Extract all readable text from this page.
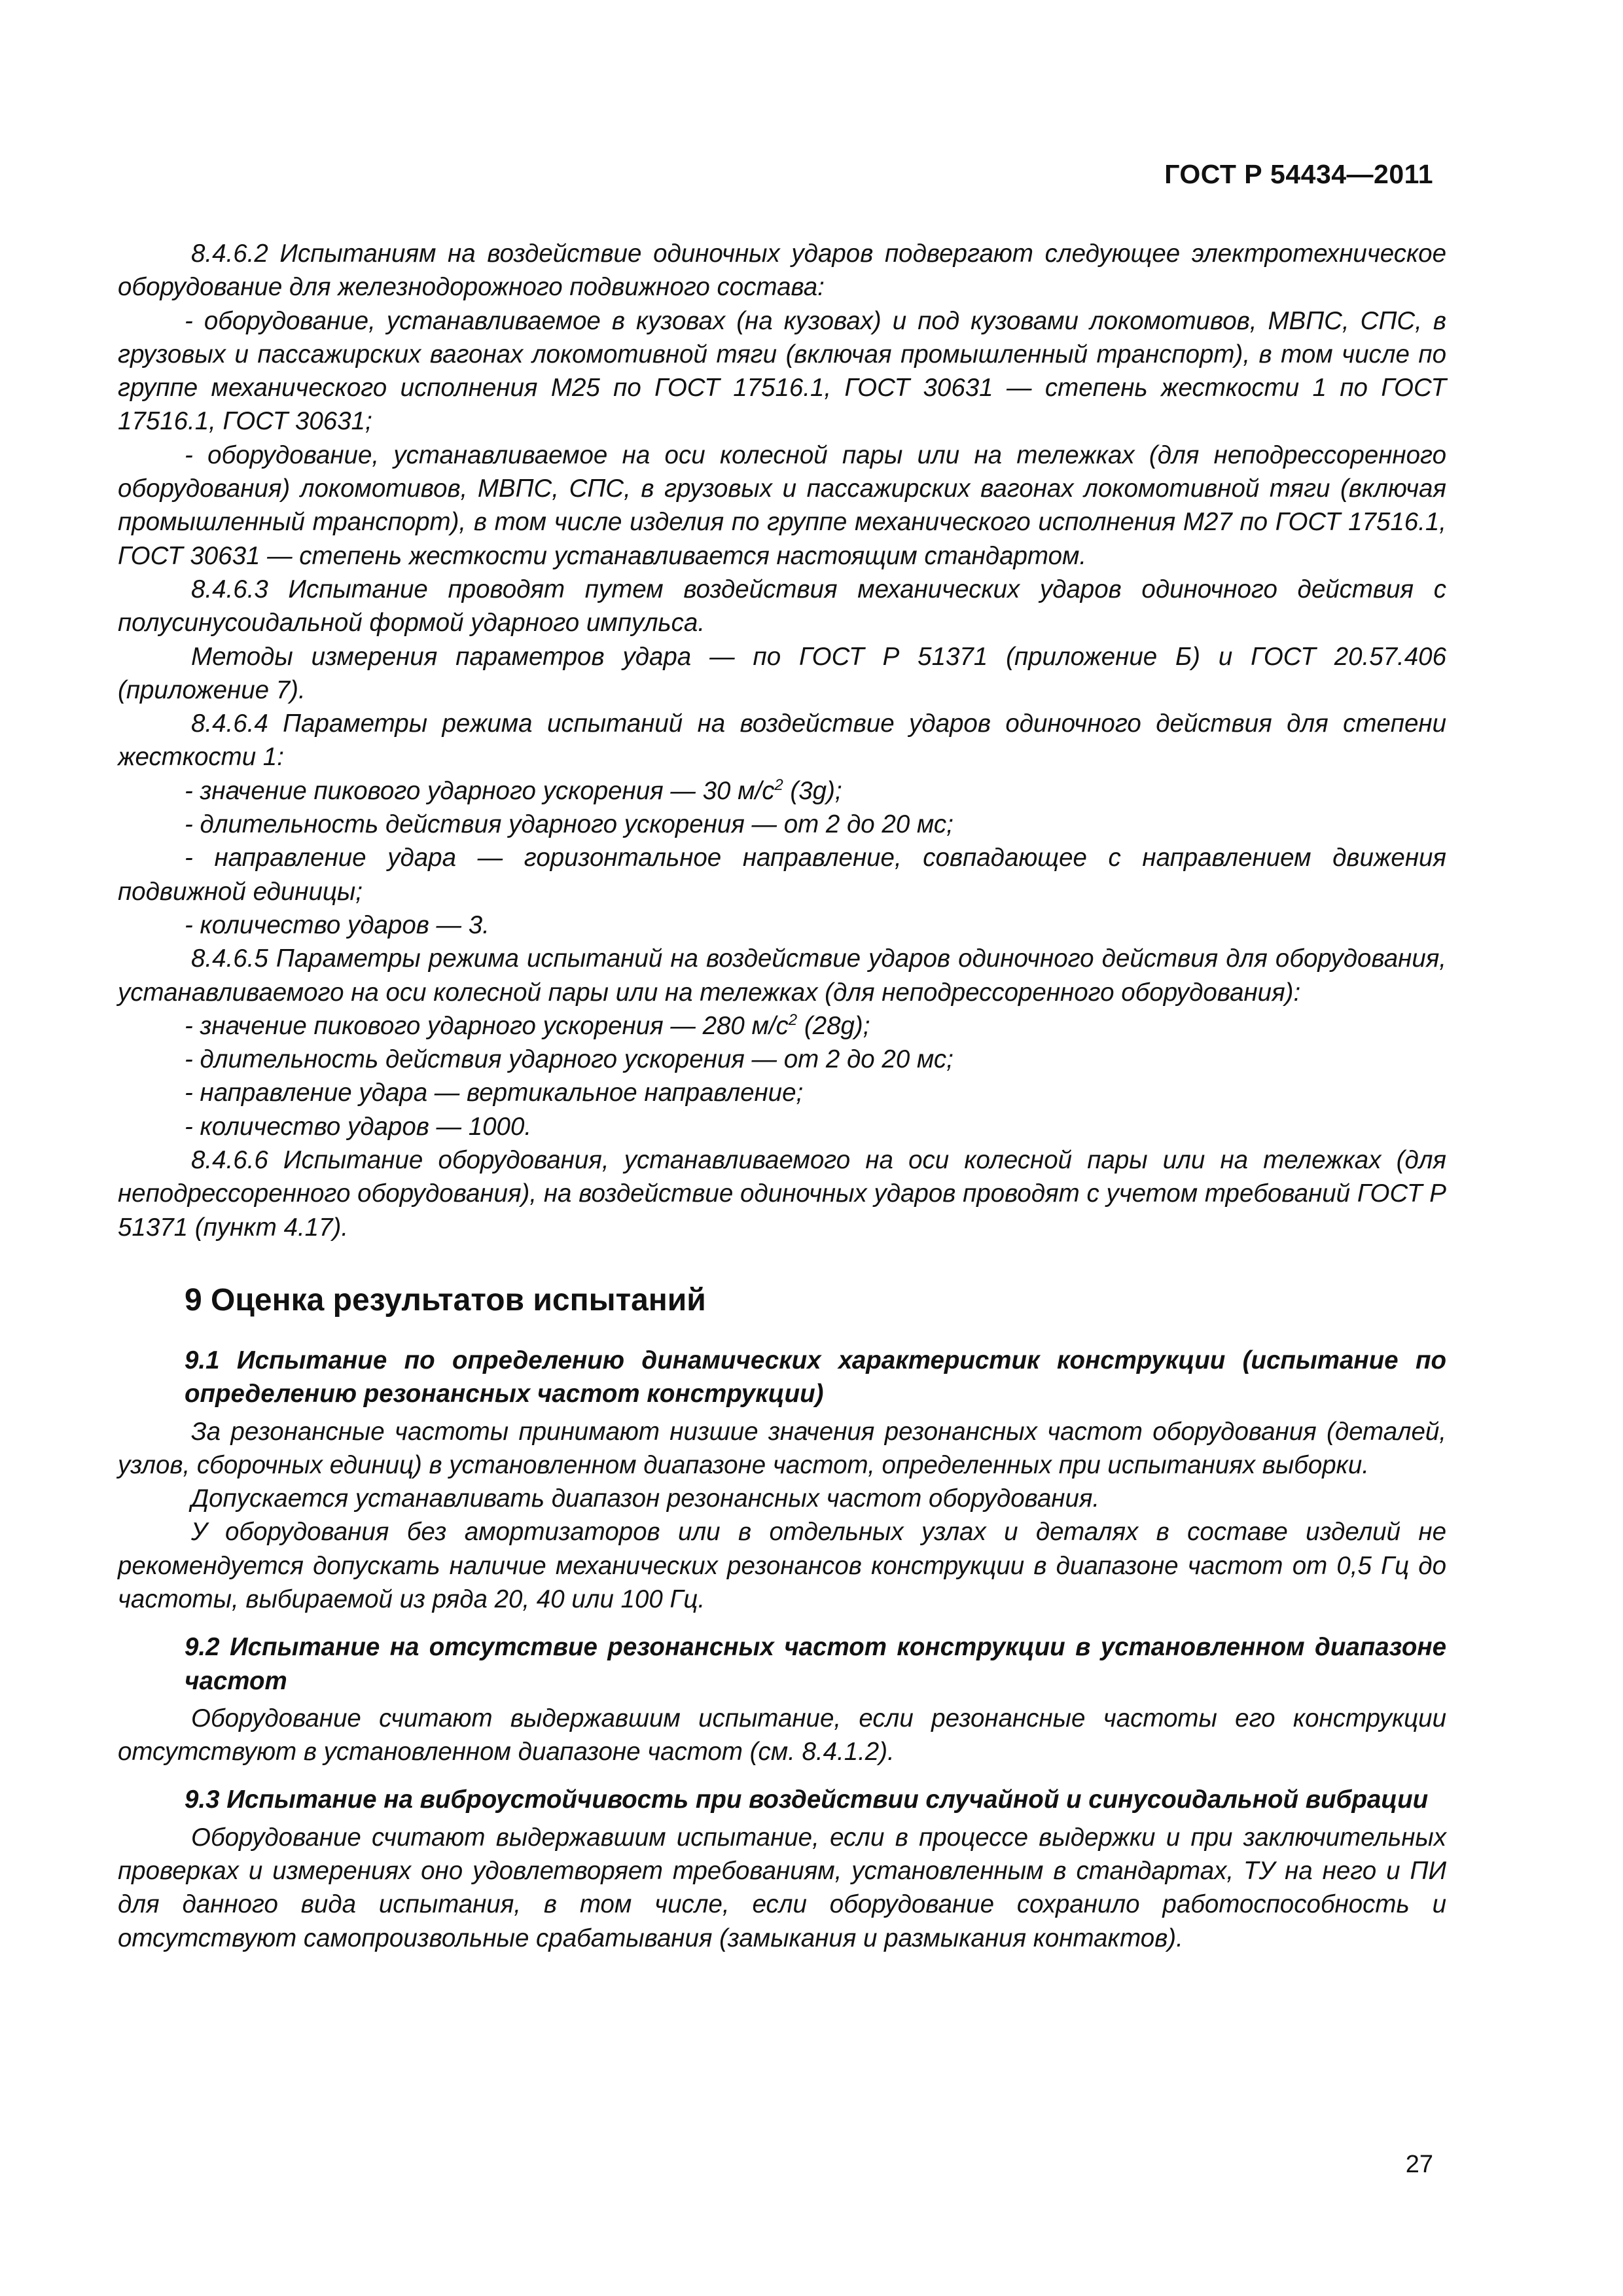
ГОСТ Р 54434—2011

8.4.6.2 Испытаниям на воздействие одиночных ударов подвергают следующее электротехническое оборудование для железнодорожного подвижного состава:

- оборудование, устанавливаемое в кузовах (на кузовах) и под кузовами локомотивов, МВПС, СПС, в грузовых и пассажирских вагонах локомотивной тяги (включая промышленный транспорт), в том числе по группе механического исполнения М25 по ГОСТ 17516.1, ГОСТ 30631 — степень жесткости 1 по ГОСТ 17516.1, ГОСТ 30631;

- оборудование, устанавливаемое на оси колесной пары или на тележках (для неподрессоренного оборудования) локомотивов, МВПС, СПС, в грузовых и пассажирских вагонах локомотивной тяги (включая промышленный транспорт), в том числе изделия по группе механического исполнения М27 по ГОСТ 17516.1, ГОСТ 30631 — степень жесткости устанавливается настоящим стандартом.

8.4.6.3 Испытание проводят путем воздействия механических ударов одиночного действия с полусинусоидальной формой ударного импульса.

Методы измерения параметров удара — по ГОСТ Р 51371 (приложение Б) и ГОСТ 20.57.406 (приложение 7).

8.4.6.4 Параметры режима испытаний на воздействие ударов одиночного действия для степени жесткости 1:

- значение пикового ударного ускорения — 30 $м/с^2$ (3g);

- длительность действия ударного ускорения — от 2 до 20 мс;

- направление удара — горизонтальное направление, совпадающее с направлением движения подвижной единицы;

- количество ударов — 3.

8.4.6.5 Параметры режима испытаний на воздействие ударов одиночного действия для оборудования, устанавливаемого на оси колесной пары или на тележках (для неподрессоренного оборудования):

- значение пикового ударного ускорения — 280 $м/с^2$ (28g);

- длительность действия ударного ускорения — от 2 до 20 мс;

- направление удара — вертикальное направление;

- количество ударов — 1000.

8.4.6.6 Испытание оборудования, устанавливаемого на оси колесной пары или на тележках (для неподрессоренного оборудования), на воздействие одиночных ударов проводят с учетом требований ГОСТ Р 51371 (пункт 4.17).

9 Оценка результатов испытаний

9.1 Испытание по определению динамических характеристик конструкции (испытание по определению резонансных частот конструкции)

За резонансные частоты принимают низшие значения резонансных частот оборудования (деталей, узлов, сборочных единиц) в установленном диапазоне частот, определенных при испытаниях выборки.

Допускается устанавливать диапазон резонансных частот оборудования.

У оборудования без амортизаторов или в отдельных узлах и деталях в составе изделий не рекомендуется допускать наличие механических резонансов конструкции в диапазоне частот от 0,5 Гц до частоты, выбираемой из ряда 20, 40 или 100 Гц.

9.2 Испытание на отсутствие резонансных частот конструкции в установленном диапазоне частот

Оборудование считают выдержавшим испытание, если резонансные частоты его конструкции отсутствуют в установленном диапазоне частот (см. 8.4.1.2).

9.3 Испытание на виброустойчивость при воздействии случайной и синусоидальной вибрации

Оборудование считают выдержавшим испытание, если в процессе выдержки и при заключительных проверках и измерениях оно удовлетворяет требованиям, установленным в стандартах, ТУ на него и ПИ для данного вида испытания, в том числе, если оборудование сохранило работоспособность и отсутствуют самопроизвольные срабатывания (замыкания и размыкания контактов).

27
